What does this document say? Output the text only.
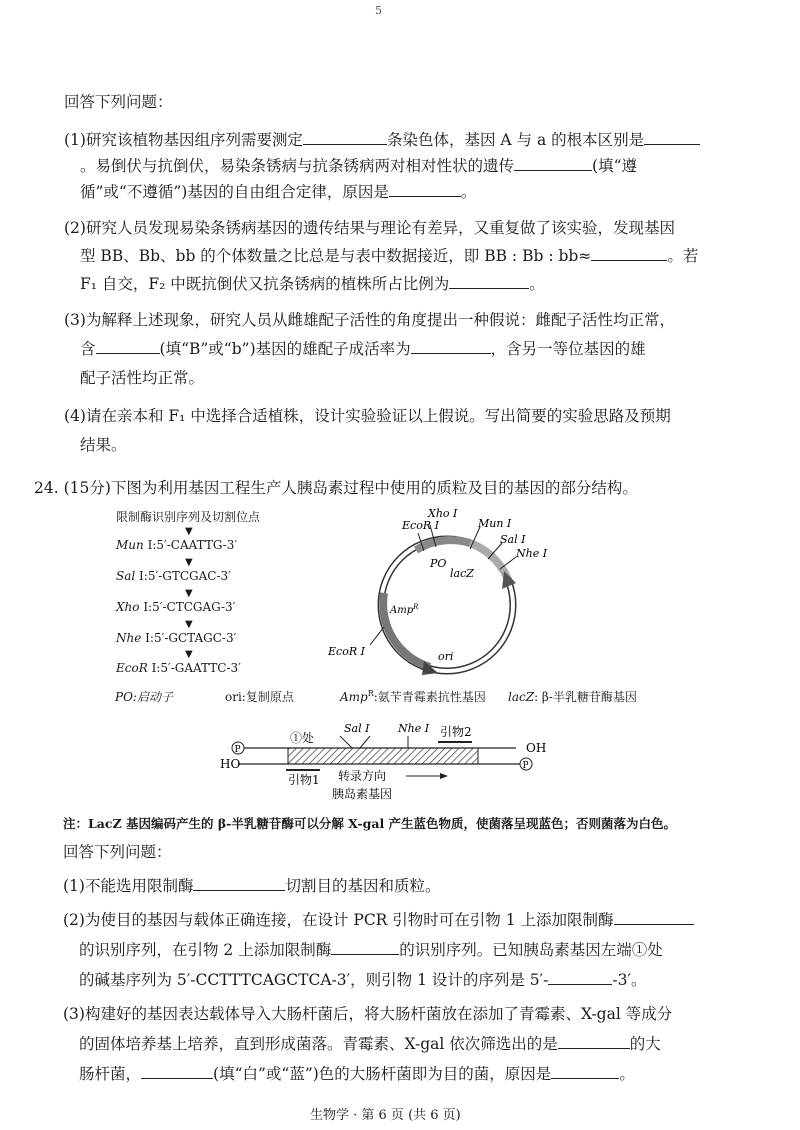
5
回答下列问题：
(1)研究该植物基因组序列需要测定	条染色体，基因 A 与 a 的根本区别是
。易倒伏与抗倒伏，易染条锈病与抗条锈病两对相对性状的遗传	(填“遵
循”或“不遵循”)基因的自由组合定律，原因是	。
(2)研究人员发现易染条锈病基因的遗传结果与理论有差异，又重复做了该实验，发现基因
型 BB、Bb、bb 的个体数量之比总是与表中数据接近，即 BB : Bb : bb≈	。若
F₁ 自交，F₂ 中既抗倒伏又抗条锈病的植株所占比例为	。
(3)为解释上述现象，研究人员从雌雄配子活性的角度提出一种假说：雌配子活性均正常，
含	(填“B”或“b”)基因的雄配子成活率为	，含另一等位基因的雄
配子活性均正常。
(4)请在亲本和 F₁ 中选择合适植株，设计实验验证以上假说。写出简要的实验思路及预期
结果。
24. (15分)下图为利用基因工程生产人胰岛素过程中使用的质粒及目的基因的部分结构。
限制酶识别序列及切割位点
Mun I:5′-CAATTG-3′
▼
Sal I:5′-GTCGAC-3′
▼
Xho I:5′-CTCGAG-3′
▼
Nhe I:5′-GCTAGC-3′
▼
EcoR I:5′-GAATTC-3′
▼
EcoR I
Xho I
Mun I
Sal I
Nhe I
PO
lacZ
Amp$^R$
EcoR I	ori
PO:启动子	ori:复制原点	Amp$^R$:氨苄青霉素抗性基因 lacZ: β-半乳糖苷酶基因
P
P
①处
Sal I	Nhe I 引物2
OH
HO
引物1 转录方向
胰岛素基因
注：LacZ 基因编码产生的 β-半乳糖苷酶可以分解 X-gal 产生蓝色物质，使菌落呈现蓝色；否则菌落为白色。
回答下列问题：
(1)不能选用限制酶	切割目的基因和质粒。
(2)为使目的基因与载体正确连接，在设计 PCR 引物时可在引物 1 上添加限制酶
的识别序列，在引物 2 上添加限制酶	的识别序列。已知胰岛素基因左端①处
的碱基序列为 5′-CCTTTCAGCTCA-3′，则引物 1 设计的序列是 5′-	-3′。
(3)构建好的基因表达载体导入大肠杆菌后，将大肠杆菌放在添加了青霉素、X-gal 等成分
的固体培养基上培养，直到形成菌落。青霉素、X-gal 依次筛选出的是	的大
肠杆菌，	(填“白”或“蓝”)色的大肠杆菌即为目的菌，原因是	。
生物学 · 第 6 页 (共 6 页)
